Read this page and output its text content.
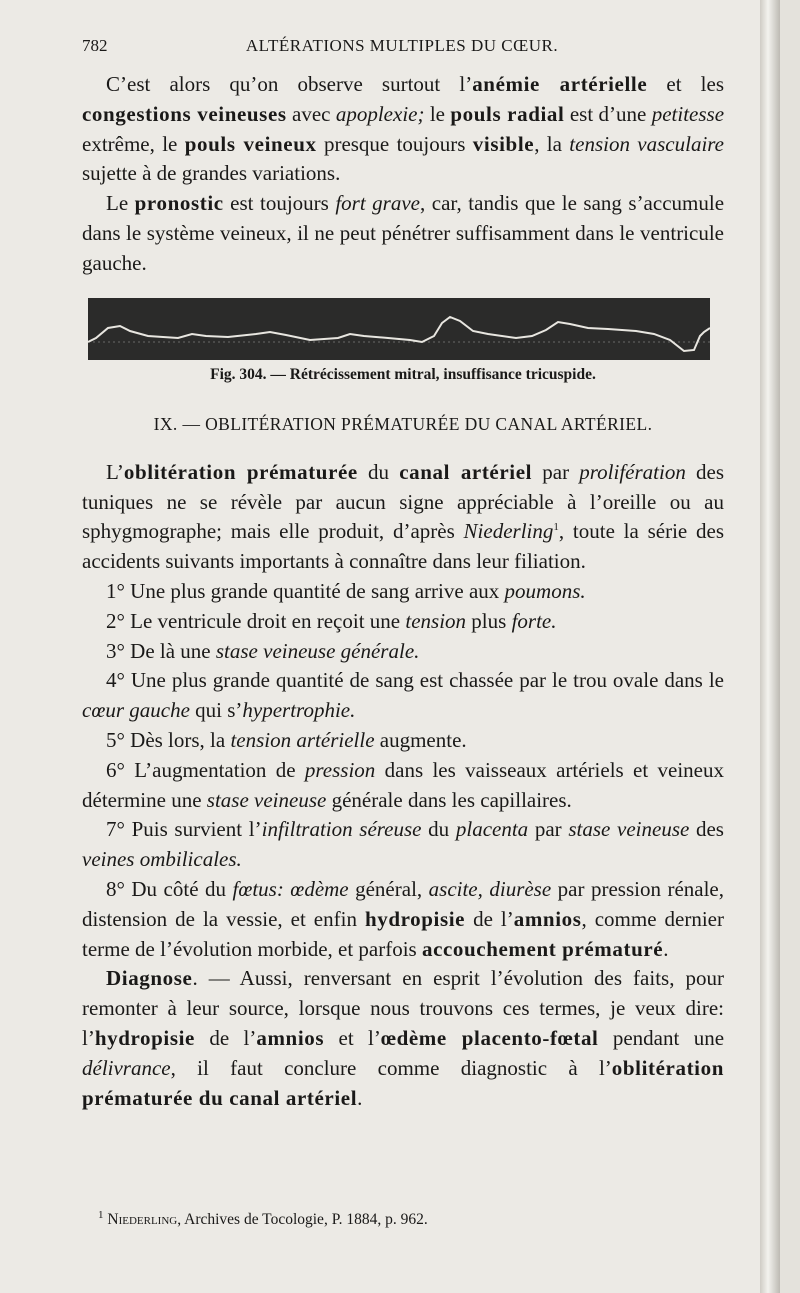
782	ALTÉRATIONS MULTIPLES DU CŒUR.

C’est alors qu’on observe surtout l’anémie artérielle et les congestions veineuses avec apoplexie; le pouls radial est d’une petitesse extrême, le pouls veineux presque toujours visible, la tension vasculaire sujette à de grandes variations.

Le pronostic est toujours fort grave, car, tandis que le sang s’accumule dans le système veineux, il ne peut pénétrer suffisamment dans le ventricule gauche.

Fig. 304. — Rétrécissement mitral, insuffisance tricuspide.

IX. — OBLITÉRATION PRÉMATURÉE DU CANAL ARTÉRIEL.

L’oblitération prématurée du canal artériel par prolifération des tuniques ne se révèle par aucun signe appréciable à l’oreille ou au sphygmographe; mais elle produit, d’après Niederling$^1$, toute la série des accidents suivants importants à connaître dans leur filiation.

1° Une plus grande quantité de sang arrive aux poumons.

2° Le ventricule droit en reçoit une tension plus forte.

3° De là une stase veineuse générale.

4° Une plus grande quantité de sang est chassée par le trou ovale dans le cœur gauche qui s’hypertrophie.

5° Dès lors, la tension artérielle augmente.

6° L’augmentation de pression dans les vaisseaux artériels et veineux détermine une stase veineuse générale dans les capillaires.

7° Puis survient l’infiltration séreuse du placenta par stase veineuse des veines ombilicales.

8° Du côté du fœtus: œdème général, ascite, diurèse par pression rénale, distension de la vessie, et enfin hydropisie de l’amnios, comme dernier terme de l’évolution morbide, et parfois accouchement prématuré.

Diagnose. — Aussi, renversant en esprit l’évolution des faits, pour remonter à leur source, lorsque nous trouvons ces termes, je veux dire: l’hydropisie de l’amnios et l’œdème placento-fœtal pendant une délivrance, il faut conclure comme diagnostic à l’oblitération prématurée du canal artériel.

$^1$ Niederling, Archives de Tocologie, P. 1884, p. 962.
